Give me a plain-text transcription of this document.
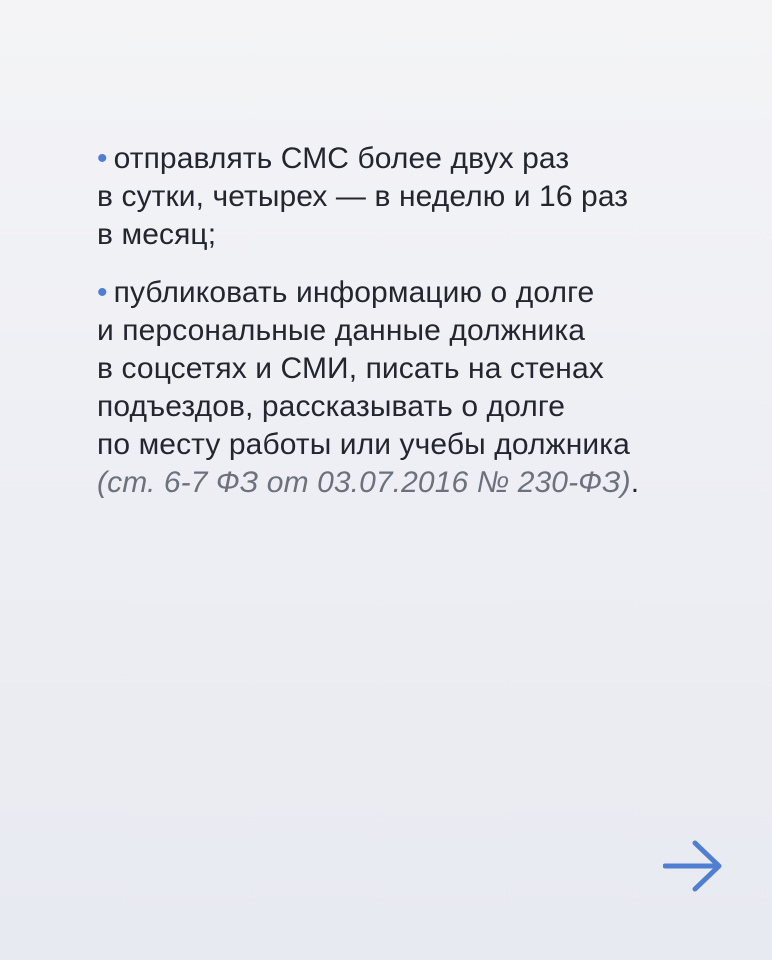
• отправлять СМС более двух раз
в сутки, четырех — в неделю и 16 раз
в месяц;
• публиковать информацию о долге
и персональные данные должника
в соцсетях и СМИ, писать на стенах
подъездов, рассказывать о долге
по месту работы или учебы должника
(ст. 6-7 ФЗ от 03.07.2016 № 230-ФЗ).
